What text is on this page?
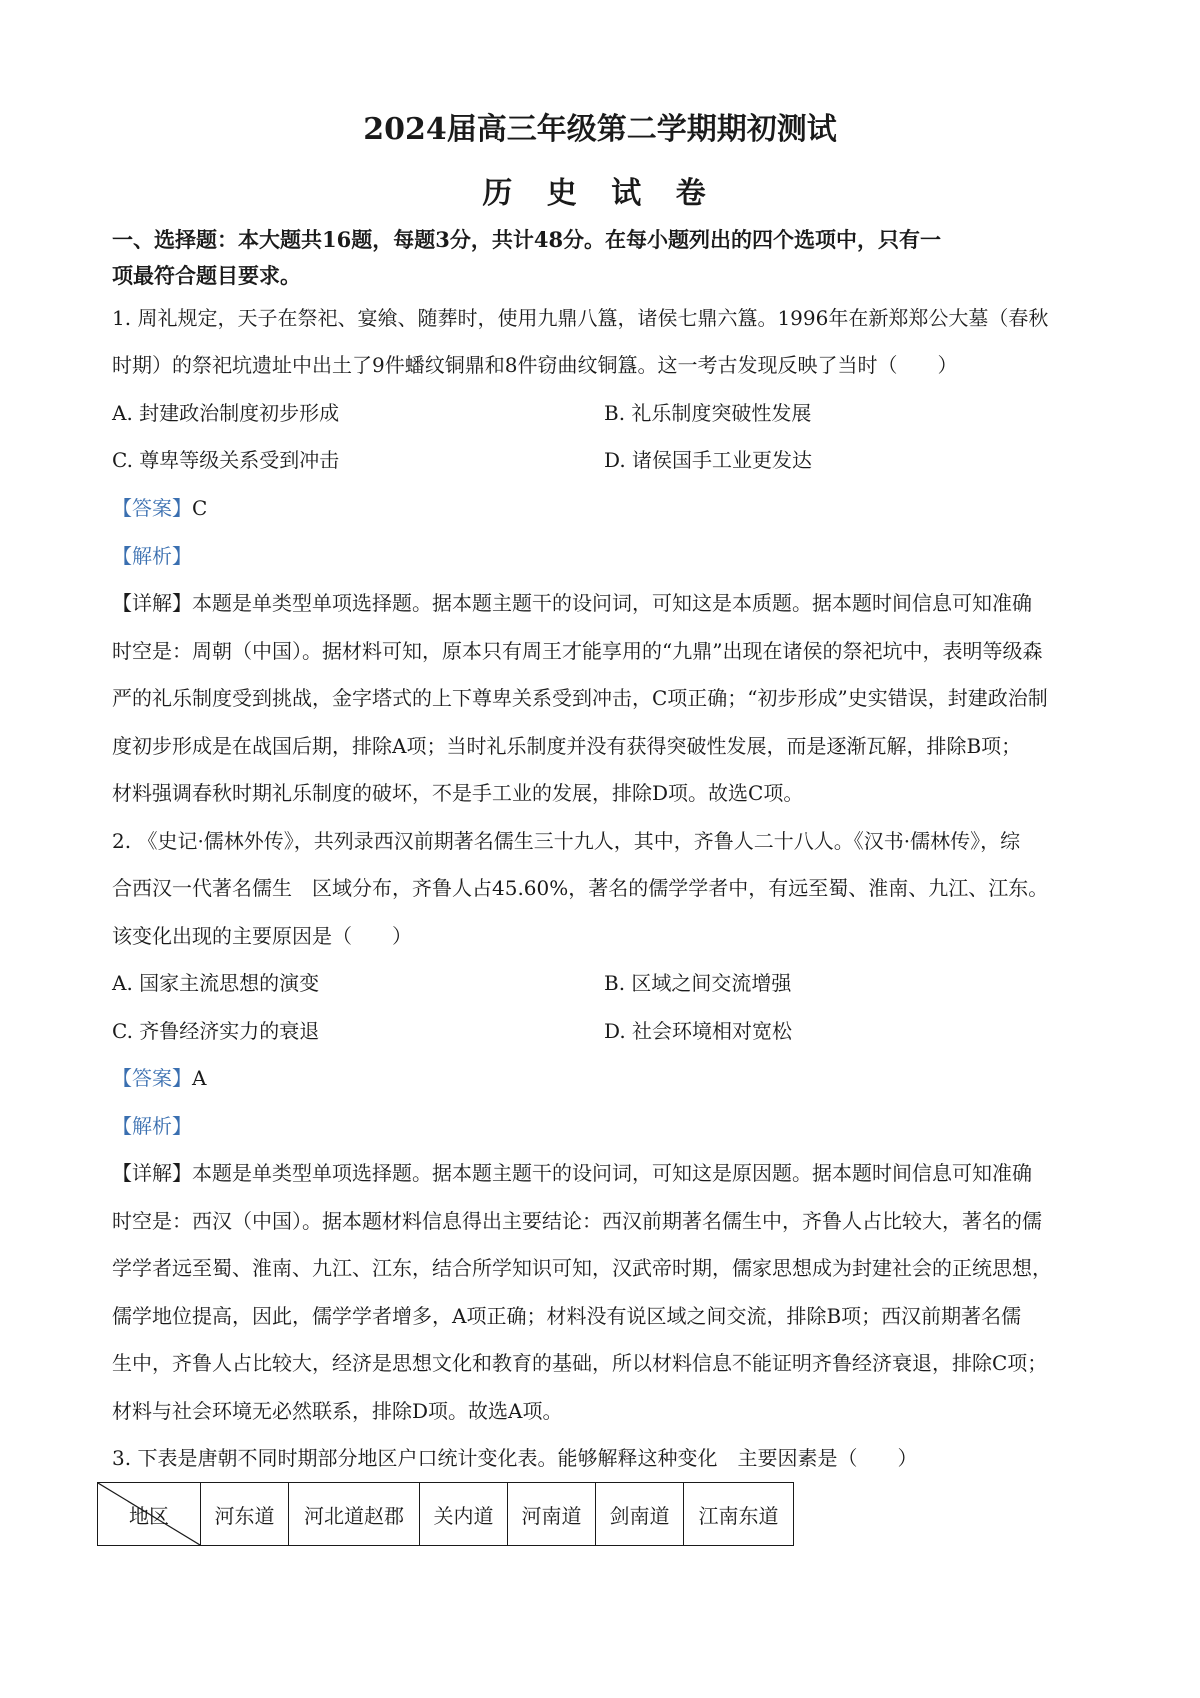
2024届高三年级第二学期期初测试
历 史 试 卷
一、选择题：本大题共16题，每题3分，共计48分。在每小题列出的四个选项中，只有一
项最符合题目要求。
1. 周礼规定，天子在祭祀、宴飨、随葬时，使用九鼎八簋，诸侯七鼎六簋。1996年在新郑郑公大墓（春秋
时期）的祭祀坑遗址中出土了9件蟠纹铜鼎和8件窃曲纹铜簋。这一考古发现反映了当时（　　）
A. 封建政治制度初步形成	B. 礼乐制度突破性发展
C. 尊卑等级关系受到冲击	D. 诸侯国手工业更发达
【答案】C
【解析】
【详解】本题是单类型单项选择题。据本题主题干的设问词，可知这是本质题。据本题时间信息可知准确
时空是：周朝（中国）。据材料可知，原本只有周王才能享用的“九鼎”出现在诸侯的祭祀坑中，表明等级森
严的礼乐制度受到挑战，金字塔式的上下尊卑关系受到冲击，C项正确；“初步形成”史实错误，封建政治制
度初步形成是在战国后期，排除A项；当时礼乐制度并没有获得突破性发展，而是逐渐瓦解，排除B项；
材料强调春秋时期礼乐制度的破坏，不是手工业的发展，排除D项。故选C项。
2. 《史记·儒林外传》，共列录西汉前期著名儒生三十九人，其中，齐鲁人二十八人。《汉书·儒林传》，综
合西汉一代著名儒生　区域分布，齐鲁人占45.60%，著名的儒学学者中，有远至蜀、淮南、九江、江东。
该变化出现的主要原因是（　　）
A. 国家主流思想的演变	B. 区域之间交流增强
C. 齐鲁经济实力的衰退	D. 社会环境相对宽松
【答案】A
【解析】
【详解】本题是单类型单项选择题。据本题主题干的设问词，可知这是原因题。据本题时间信息可知准确
时空是：西汉（中国）。据本题材料信息得出主要结论：西汉前期著名儒生中，齐鲁人占比较大，著名的儒
学学者远至蜀、淮南、九江、江东，结合所学知识可知，汉武帝时期，儒家思想成为封建社会的正统思想，
儒学地位提高，因此，儒学学者增多，A项正确；材料没有说区域之间交流，排除B项；西汉前期著名儒
生中，齐鲁人占比较大，经济是思想文化和教育的基础，所以材料信息不能证明齐鲁经济衰退，排除C项；
材料与社会环境无必然联系，排除D项。故选A项。
3. 下表是唐朝不同时期部分地区户口统计变化表。能够解释这种变化　主要因素是（　　）
地区	河东道	河北道赵郡	关内道	河南道	剑南道	江南东道
